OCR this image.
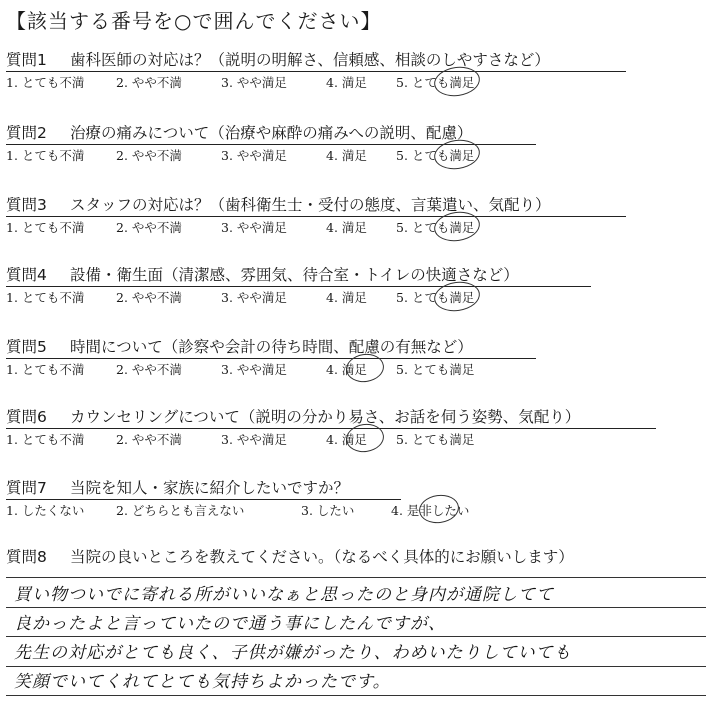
【該当する番号を○で囲んでください】
質問1 歯科医師の対応は？（説明の明解さ、信頼感、相談のしやすさなど）
1. とても不満	2. やや不満	3. やや満足	4. 満足 5. とても満足
質問2 治療の痛みについて（治療や麻酔の痛みへの説明、配慮）
1. とても不満	2. やや不満	3. やや満足	4. 満足 5. とても満足
質問3 スタッフの対応は？（歯科衛生士・受付の態度、言葉遣い、気配り）
1. とても不満	2. やや不満	3. やや満足	4. 満足 5. とても満足
質問4 設備・衛生面（清潔感、雰囲気、待合室・トイレの快適さなど）
1. とても不満	2. やや不満	3. やや満足	4. 満足 5. とても満足
質問5 時間について（診察や会計の待ち時間、配慮の有無など）
1. とても不満	2. やや不満	3. やや満足	4. 満足 5. とても満足
質問6 カウンセリングについて（説明の分かり易さ、お話を伺う姿勢、気配り）
1. とても不満	2. やや不満	3. やや満足	4. 満足 5. とても満足
質問7 当院を知人・家族に紹介したいですか？
1. したくない	2. どちらとも言えない	3. したい	4. 是非したい
質問8 当院の良いところを教えてください。（なるべく具体的にお願いします）
買い物ついでに寄れる所がいいなぁと思ったのと身内が通院してて
良かったよと言っていたので通う事にしたんですが、
先生の対応がとても良く、子供が嫌がったり、わめいたりしていても
笑顔でいてくれてとても気持ちよかったです。
